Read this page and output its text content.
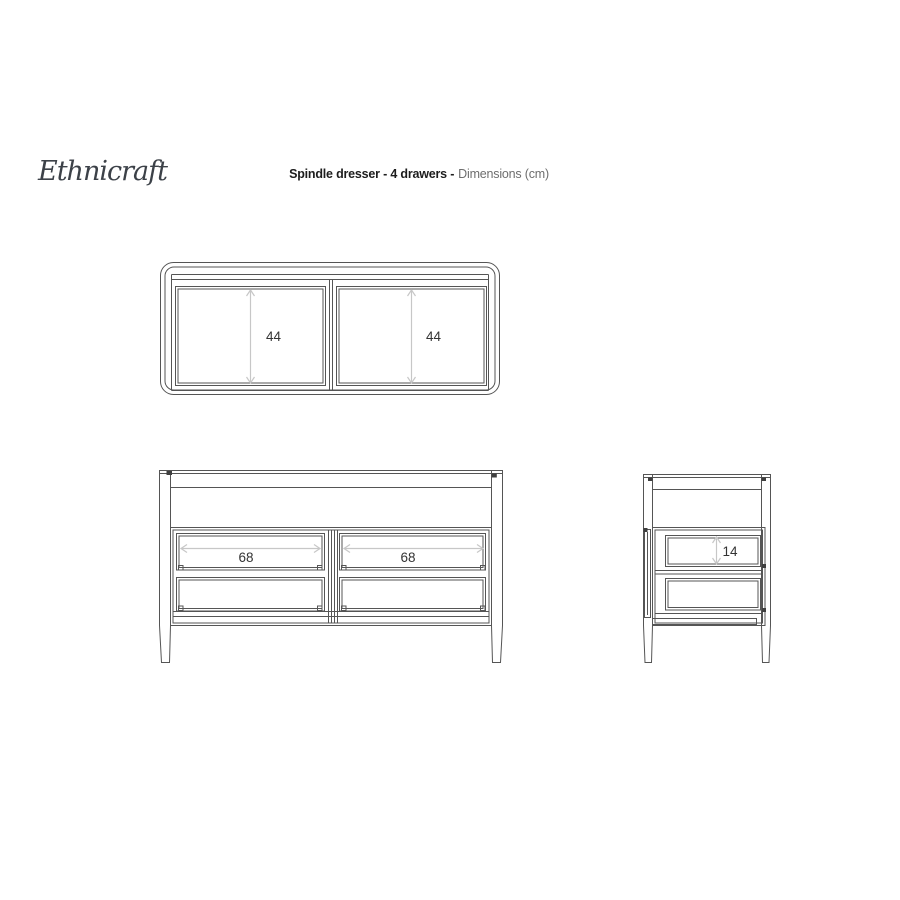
Ethnicraft	Spindle dresser - 4 drawers - Dimensions (cm)
44	44
68	68	14
